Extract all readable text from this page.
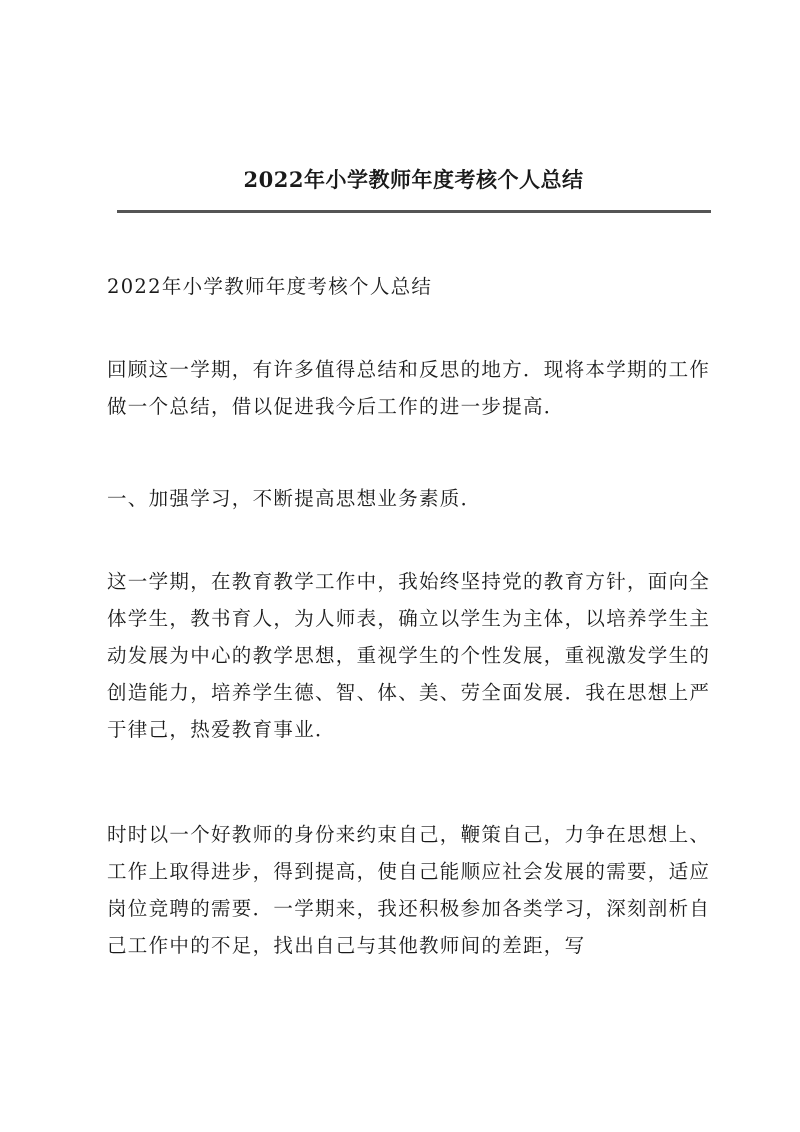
2022年小学教师年度考核个人总结

2022年小学教师年度考核个人总结

回顾这一学期，有许多值得总结和反思的地方．现将本学期的工作做一个总结，借以促进我今后工作的进一步提高．

一、加强学习，不断提高思想业务素质．

这一学期，在教育教学工作中，我始终坚持党的教育方针，面向全体学生，教书育人，为人师表，确立以学生为主体，以培养学生主动发展为中心的教学思想，重视学生的个性发展，重视激发学生的创造能力，培养学生德、智、体、美、劳全面发展．我在思想上严于律己，热爱教育事业．

时时以一个好教师的身份来约束自己，鞭策自己，力争在思想上、工作上取得进步，得到提高，使自己能顺应社会发展的需要，适应岗位竞聘的需要．一学期来，我还积极参加各类学习，深刻剖析自己工作中的不足，找出自己与其他教师间的差距，写
